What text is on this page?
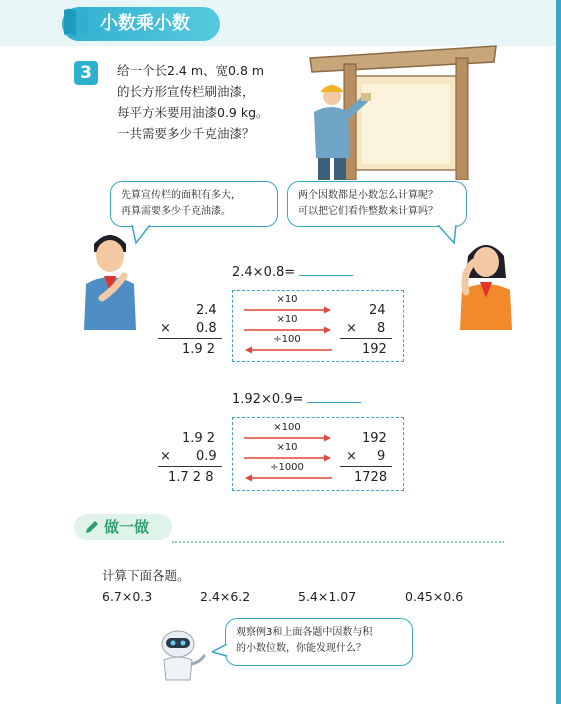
小数乘小数
3	给一个长2.4 m、宽0.8 m
的长方形宣传栏刷油漆，
每平方米要用油漆0.9 kg。
一共需要多少千克油漆？
先算宣传栏的面积有多大，
再算需要多少千克油漆。
两个因数都是小数怎么计算呢？
可以把它们看作整数来计算吗？
2.4×0.8=
2.4
× 0.8
1.9 2
×10
×10
÷100
24
× 8
192
1.92×0.9=
1.9 2
× 0.9
1.7 2 8
×100
×10
÷1000
192
× 9
1728
做一做
计算下面各题。
6.7×0.3	2.4×6.2	5.4×1.07	0.45×0.6
观察例3和上面各题中因数与积
的小数位数，你能发现什么？
